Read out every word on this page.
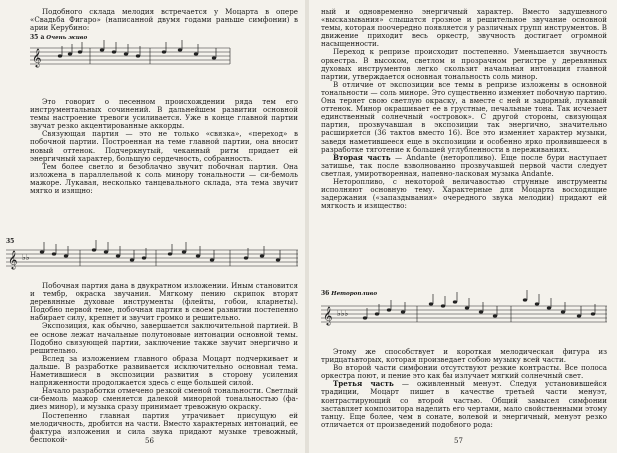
Подобного склада мелодия встречается у Моцарта в опере «Свадьба Фигаро» (написанной двумя годами раньше симфонии) в арии Керубино:

35 а Очень живо
𝄞

Это говорит о песенном происхождении ряда тем его инструментальных сочинений. В дальнейшем развитии основной темы настроение тревоги усиливается. Уже в конце главной партии звучат резко акцентированные аккорды.

Связующая партия — это не только «связка», «переход» в побочной партии. Построенная на теме главной партии, она вносит новый оттенок. Подчеркнутый, чеканный ритм придает ей энергичный характер, большую сердечность, собранность.

Тем более светло и безоблачно звучит побочная партия. Она изложена в параллельной к соль минору тональности — си-бемоль мажоре. Лукавая, несколько танцевального склада, эта тема звучит мягко и изящно:

35
𝄞 ♭♭

Побочная партия дана в двукратном изложении. Иным становится и тембр, окраска звучания. Мягкому пению скрипок вторят деревянные духовые инструменты (флейты, гобои, кларнеты). Подобно первой теме, побочная партия в своем развитии постепенно набирает силу, крепнет и звучит громко и решительно.

Экспозиция, как обычно, завершается заключительной партией. В ее основе лежат начальные полутоновые интонации основной темы. Подобно связующей партии, заключение также звучит энергично и решительно.

Вслед за изложением главного образа Моцарт подчеркивает и дальше. В разработке развивается исключительно основная тема. Наметившиеся в экспозиции развития в сторону усиления напряженности продолжается здесь с еще большей силой.

Начало разработки отмечено резкой сменой тональности. Светлый си-бемоль мажор сменяется далекой минорной тональностью (фа-диез минор), и музыка сразу принимает тревожную окраску.

Постепенно главная партия утрачивает присущую ей мелодичность, дробится на части. Вместо характерных интонаций, ее фактура изложения и сила звука придают музыке тревожный, беспокой-	56

ный и одновременно энергичный характер. Вместо задушевного «высказывания» слышатся грозное и решительное звучание основной темы, которая поочередно появляется у различных групп инструментов. В движение приходит весь оркестр, звучность достигает огромной насыщенности.

Переход к репризе происходит постепенно. Уменьшается звучность оркестра. В высоком, светлом и прозрачном регистре у деревянных духовых инструментов легко скользит начальная интонация главной партии, утверждается основная тональность соль минор.

В отличие от экспозиции все темы в репризе изложены в основной тональности — соль миноре. Это существенно изменяет побочную партию. Она теряет свою светлую окраску, а вместе с ней и задорный, лукавый оттенок. Минор окрашивает ее в грустные, печальные тона. Так исчезает единственный солнечный «островок». С другой стороны, связующая партия, прозвучавшая в экспозиции так энергично, значительно расширяется (36 тактов вместо 16). Все это изменяет характер музыки, заведя наметившееся еще в экспозиции и особенно ярко проявившееся в разработке тяготение к большей углубленности в переживаниях.

Вторая часть — Andante (неторопливо). Еще после бури наступает затишье, так после взволнованно прозвучавшей первой части следует светлая, умиротворенная, напевно-ласковая музыка Andante.

Неторопливо, с некоторой величавостью струнные инструменты исполняют основную тему. Характерные для Моцарта восходящие задержания («запаздывания» очередного звука мелодии) придают ей мягкость и изящество:

36 Неторопливо
𝄞 ♭♭♭

Этому же способствует и короткая мелодическая фигура из тридцатьвторых, которая произведает собою музыку всей части.

Во второй части симфонии отсутствуют резкие контрасты. Все полоса оркестра поют, и пение это как бы излучает мягкий солнечный свет.

Третья часть — оживленный менуэт. Следуя установившейся традиции, Моцарт пишет в качестве третьей части менуэт, контрастирующий со второй частью. Общий замысел симфонии заставляет композитора наделить его чертами, мало свойственными этому танцу. Еще более, чем в сонате, волевой и энергичный, менуэт резко отличается от произведений подобного рода:

57
